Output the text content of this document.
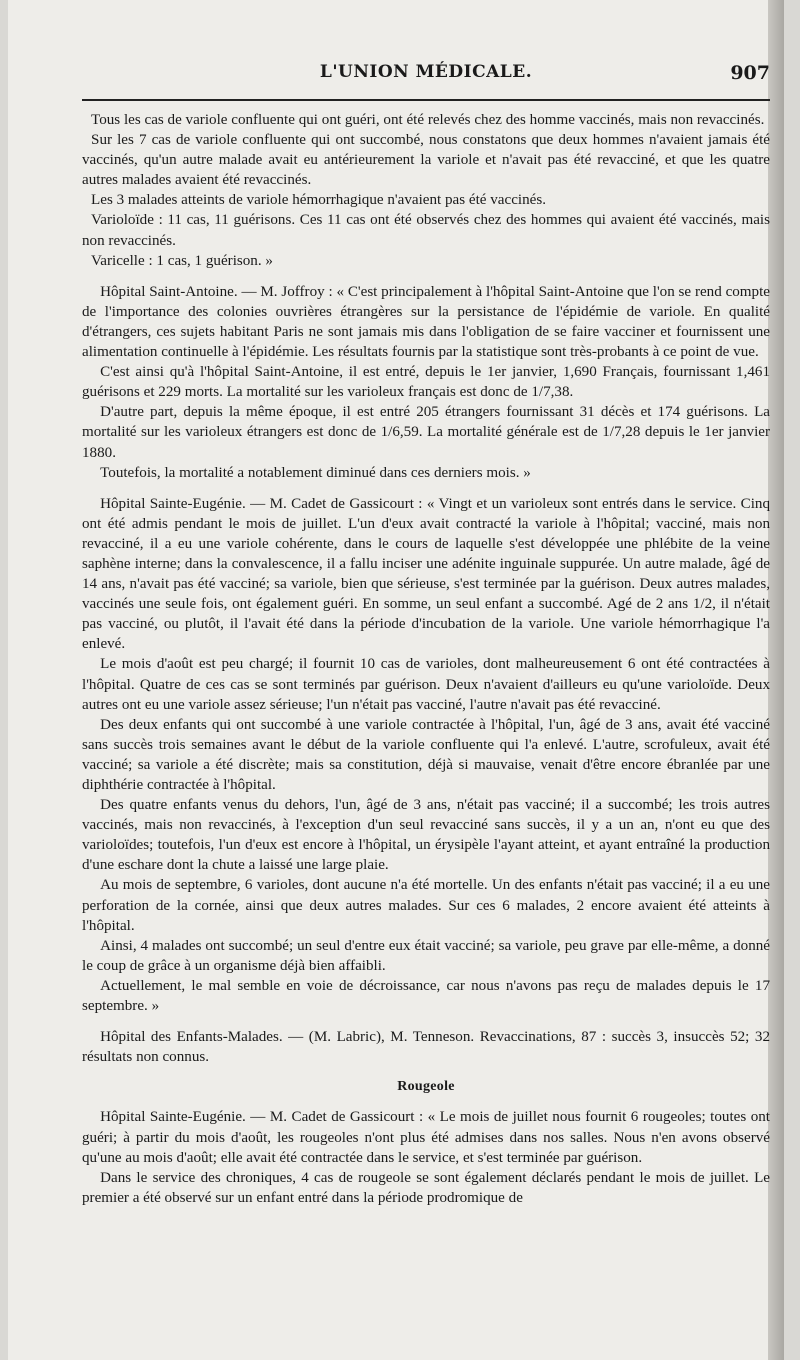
L'UNION MÉDICALE.	907

Tous les cas de variole confluente qui ont guéri, ont été relevés chez des homme vaccinés, mais non revaccinés.

Sur les 7 cas de variole confluente qui ont succombé, nous constatons que deux hommes n'avaient jamais été vaccinés, qu'un autre malade avait eu antérieurement la variole et n'avait pas été revacciné, et que les quatre autres malades avaient été revaccinés.

Les 3 malades atteints de variole hémorrhagique n'avaient pas été vaccinés.

Varioloïde : 11 cas, 11 guérisons. Ces 11 cas ont été observés chez des hommes qui avaient été vaccinés, mais non revaccinés.

Varicelle : 1 cas, 1 guérison. »

Hôpital Saint-Antoine. — M. Joffroy : « C'est principalement à l'hôpital Saint-Antoine que l'on se rend compte de l'importance des colonies ouvrières étrangères sur la persistance de l'épidémie de variole. En qualité d'étrangers, ces sujets habitant Paris ne sont jamais mis dans l'obligation de se faire vacciner et fournissent une alimentation continuelle à l'épidémie. Les résultats fournis par la statistique sont très-probants à ce point de vue.

C'est ainsi qu'à l'hôpital Saint-Antoine, il est entré, depuis le 1er janvier, 1,690 Français, fournissant 1,461 guérisons et 229 morts. La mortalité sur les varioleux français est donc de 1/7,38.

D'autre part, depuis la même époque, il est entré 205 étrangers fournissant 31 décès et 174 guérisons. La mortalité sur les varioleux étrangers est donc de 1/6,59. La mortalité générale est de 1/7,28 depuis le 1er janvier 1880.

Toutefois, la mortalité a notablement diminué dans ces derniers mois. »

Hôpital Sainte-Eugénie. — M. Cadet de Gassicourt : « Vingt et un varioleux sont entrés dans le service. Cinq ont été admis pendant le mois de juillet. L'un d'eux avait contracté la variole à l'hôpital; vacciné, mais non revacciné, il a eu une variole cohérente, dans le cours de laquelle s'est développée une phlébite de la veine saphène interne; dans la convalescence, il a fallu inciser une adénite inguinale suppurée. Un autre malade, âgé de 14 ans, n'avait pas été vacciné; sa variole, bien que sérieuse, s'est terminée par la guérison. Deux autres malades, vaccinés une seule fois, ont également guéri. En somme, un seul enfant a succombé. Agé de 2 ans 1/2, il n'était pas vacciné, ou plutôt, il l'avait été dans la période d'incubation de la variole. Une variole hémorrhagique l'a enlevé.

Le mois d'août est peu chargé; il fournit 10 cas de varioles, dont malheureusement 6 ont été contractées à l'hôpital. Quatre de ces cas se sont terminés par guérison. Deux n'avaient d'ailleurs eu qu'une varioloïde. Deux autres ont eu une variole assez sérieuse; l'un n'était pas vacciné, l'autre n'avait pas été revacciné.

Des deux enfants qui ont succombé à une variole contractée à l'hôpital, l'un, âgé de 3 ans, avait été vacciné sans succès trois semaines avant le début de la variole confluente qui l'a enlevé. L'autre, scrofuleux, avait été vacciné; sa variole a été discrète; mais sa constitution, déjà si mauvaise, venait d'être encore ébranlée par une diphthérie contractée à l'hôpital.

Des quatre enfants venus du dehors, l'un, âgé de 3 ans, n'était pas vacciné; il a succombé; les trois autres vaccinés, mais non revaccinés, à l'exception d'un seul revacciné sans succès, il y a un an, n'ont eu que des varioloïdes; toutefois, l'un d'eux est encore à l'hôpital, un érysipèle l'ayant atteint, et ayant entraîné la production d'une eschare dont la chute a laissé une large plaie.

Au mois de septembre, 6 varioles, dont aucune n'a été mortelle. Un des enfants n'était pas vacciné; il a eu une perforation de la cornée, ainsi que deux autres malades. Sur ces 6 malades, 2 encore avaient été atteints à l'hôpital.

Ainsi, 4 malades ont succombé; un seul d'entre eux était vacciné; sa variole, peu grave par elle-même, a donné le coup de grâce à un organisme déjà bien affaibli.

Actuellement, le mal semble en voie de décroissance, car nous n'avons pas reçu de malades depuis le 17 septembre. »

Hôpital des Enfants-Malades. — (M. Labric), M. Tenneson. Revaccinations, 87 : succès 3, insuccès 52; 32 résultats non connus.

Rougeole

Hôpital Sainte-Eugénie. — M. Cadet de Gassicourt : « Le mois de juillet nous fournit 6 rougeoles; toutes ont guéri; à partir du mois d'août, les rougeoles n'ont plus été admises dans nos salles. Nous n'en avons observé qu'une au mois d'août; elle avait été contractée dans le service, et s'est terminée par guérison.

Dans le service des chroniques, 4 cas de rougeole se sont également déclarés pendant le mois de juillet. Le premier a été observé sur un enfant entré dans la période prodromique de
